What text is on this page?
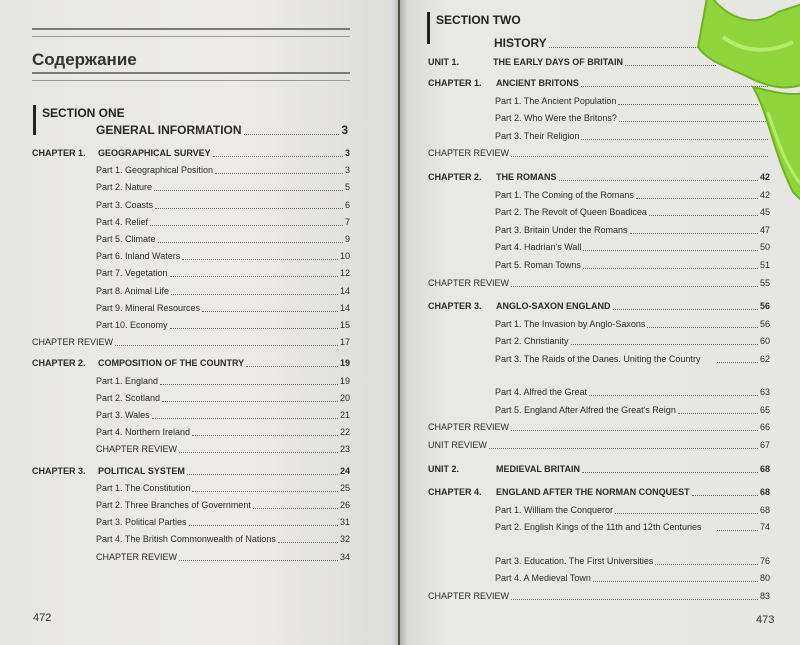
Содержание
SECTION ONE
GENERAL INFORMATION	3
CHAPTER 1.	GEOGRAPHICAL SURVEY	3
Part 1. Geographical Position	3
Part 2. Nature	5
Part 3. Coasts	6
Part 4. Relief	7
Part 5. Climate	9
Part 6. Inland Waters	10
Part 7. Vegetation	12
Part 8. Animal Life	14
Part 9. Mineral Resources	14
Part 10. Economy	15
CHAPTER REVIEW	17
CHAPTER 2.	COMPOSITION OF THE COUNTRY	19
Part 1. England	19
Part 2. Scotland	20
Part 3. Wales	21
Part 4. Northern Ireland	22
CHAPTER REVIEW	23
CHAPTER 3.	POLITICAL SYSTEM	24
Part 1. The Constitution	25
Part 2. Three Branches of Government	26
Part 3. Political Parties	31
Part 4. The British Commonwealth of Nations	32
CHAPTER REVIEW	34
472
SECTION TWO
HISTORY
UNIT 1.	THE EARLY DAYS OF BRITAIN
CHAPTER 1.	ANCIENT BRITONS
Part 1. The Ancient Population
Part 2. Who Were the Britons?
Part 3. Their Religion
CHAPTER REVIEW
CHAPTER 2.	THE ROMANS	42
Part 1. The Coming of the Romans	42
Part 2. The Revolt of Queen Boadicea	45
Part 3. Britain Under the Romans	47
Part 4. Hadrian's Wall	50
Part 5. Roman Towns	51
CHAPTER REVIEW	55
CHAPTER 3.	ANGLO-SAXON ENGLAND	56
Part 1. The Invasion by Anglo-Saxons	56
Part 2. Christianity	60
Part 3. The Raids of the Danes. Uniting the Country	62
Part 4. Alfred the Great	63
Part 5. England After Alfred the Great's Reign	65
CHAPTER REVIEW	66
UNIT REVIEW	67
UNIT 2.	MEDIEVAL BRITAIN	68
CHAPTER 4.	ENGLAND AFTER THE NORMAN CONQUEST	68
Part 1. William the Conqueror	68
Part 2. English Kings of the 11th and 12th Centuries	74
Part 3. Education. The First Universities	76
Part 4. A Medieval Town	80
CHAPTER REVIEW	83
473
